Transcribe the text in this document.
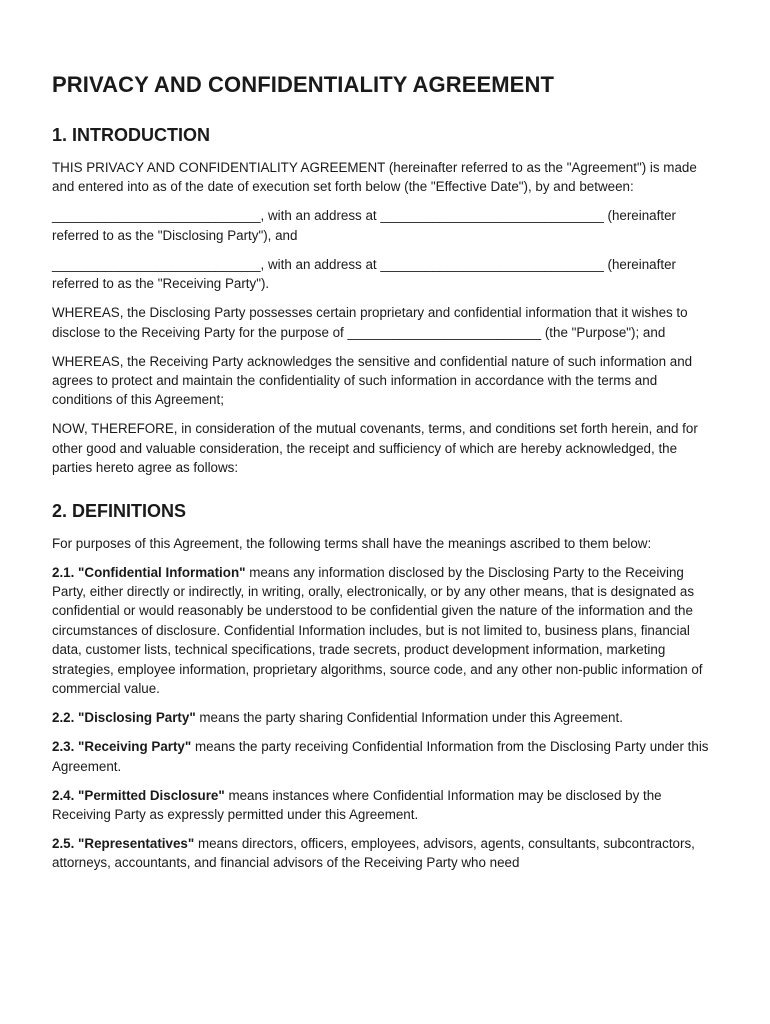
PRIVACY AND CONFIDENTIALITY AGREEMENT
1. INTRODUCTION

THIS PRIVACY AND CONFIDENTIALITY AGREEMENT (hereinafter referred to as the "Agreement") is made and entered into as of the date of execution set forth below (the "Effective Date"), by and between:

____________________________, with an address at ______________________________ (hereinafter referred to as the "Disclosing Party"), and

____________________________, with an address at ______________________________ (hereinafter referred to as the "Receiving Party").

WHEREAS, the Disclosing Party possesses certain proprietary and confidential information that it wishes to disclose to the Receiving Party for the purpose of __________________________ (the "Purpose"); and

WHEREAS, the Receiving Party acknowledges the sensitive and confidential nature of such information and agrees to protect and maintain the confidentiality of such information in accordance with the terms and conditions of this Agreement;

NOW, THEREFORE, in consideration of the mutual covenants, terms, and conditions set forth herein, and for other good and valuable consideration, the receipt and sufficiency of which are hereby acknowledged, the parties hereto agree as follows:

2. DEFINITIONS

For purposes of this Agreement, the following terms shall have the meanings ascribed to them below:

2.1. "Confidential Information" means any information disclosed by the Disclosing Party to the Receiving Party, either directly or indirectly, in writing, orally, electronically, or by any other means, that is designated as confidential or would reasonably be understood to be confidential given the nature of the information and the circumstances of disclosure. Confidential Information includes, but is not limited to, business plans, financial data, customer lists, technical specifications, trade secrets, product development information, marketing strategies, employee information, proprietary algorithms, source code, and any other non-public information of commercial value.

2.2. "Disclosing Party" means the party sharing Confidential Information under this Agreement.

2.3. "Receiving Party" means the party receiving Confidential Information from the Disclosing Party under this Agreement.

2.4. "Permitted Disclosure" means instances where Confidential Information may be disclosed by the Receiving Party as expressly permitted under this Agreement.

2.5. "Representatives" means directors, officers, employees, advisors, agents, consultants, subcontractors, attorneys, accountants, and financial advisors of the Receiving Party who need
